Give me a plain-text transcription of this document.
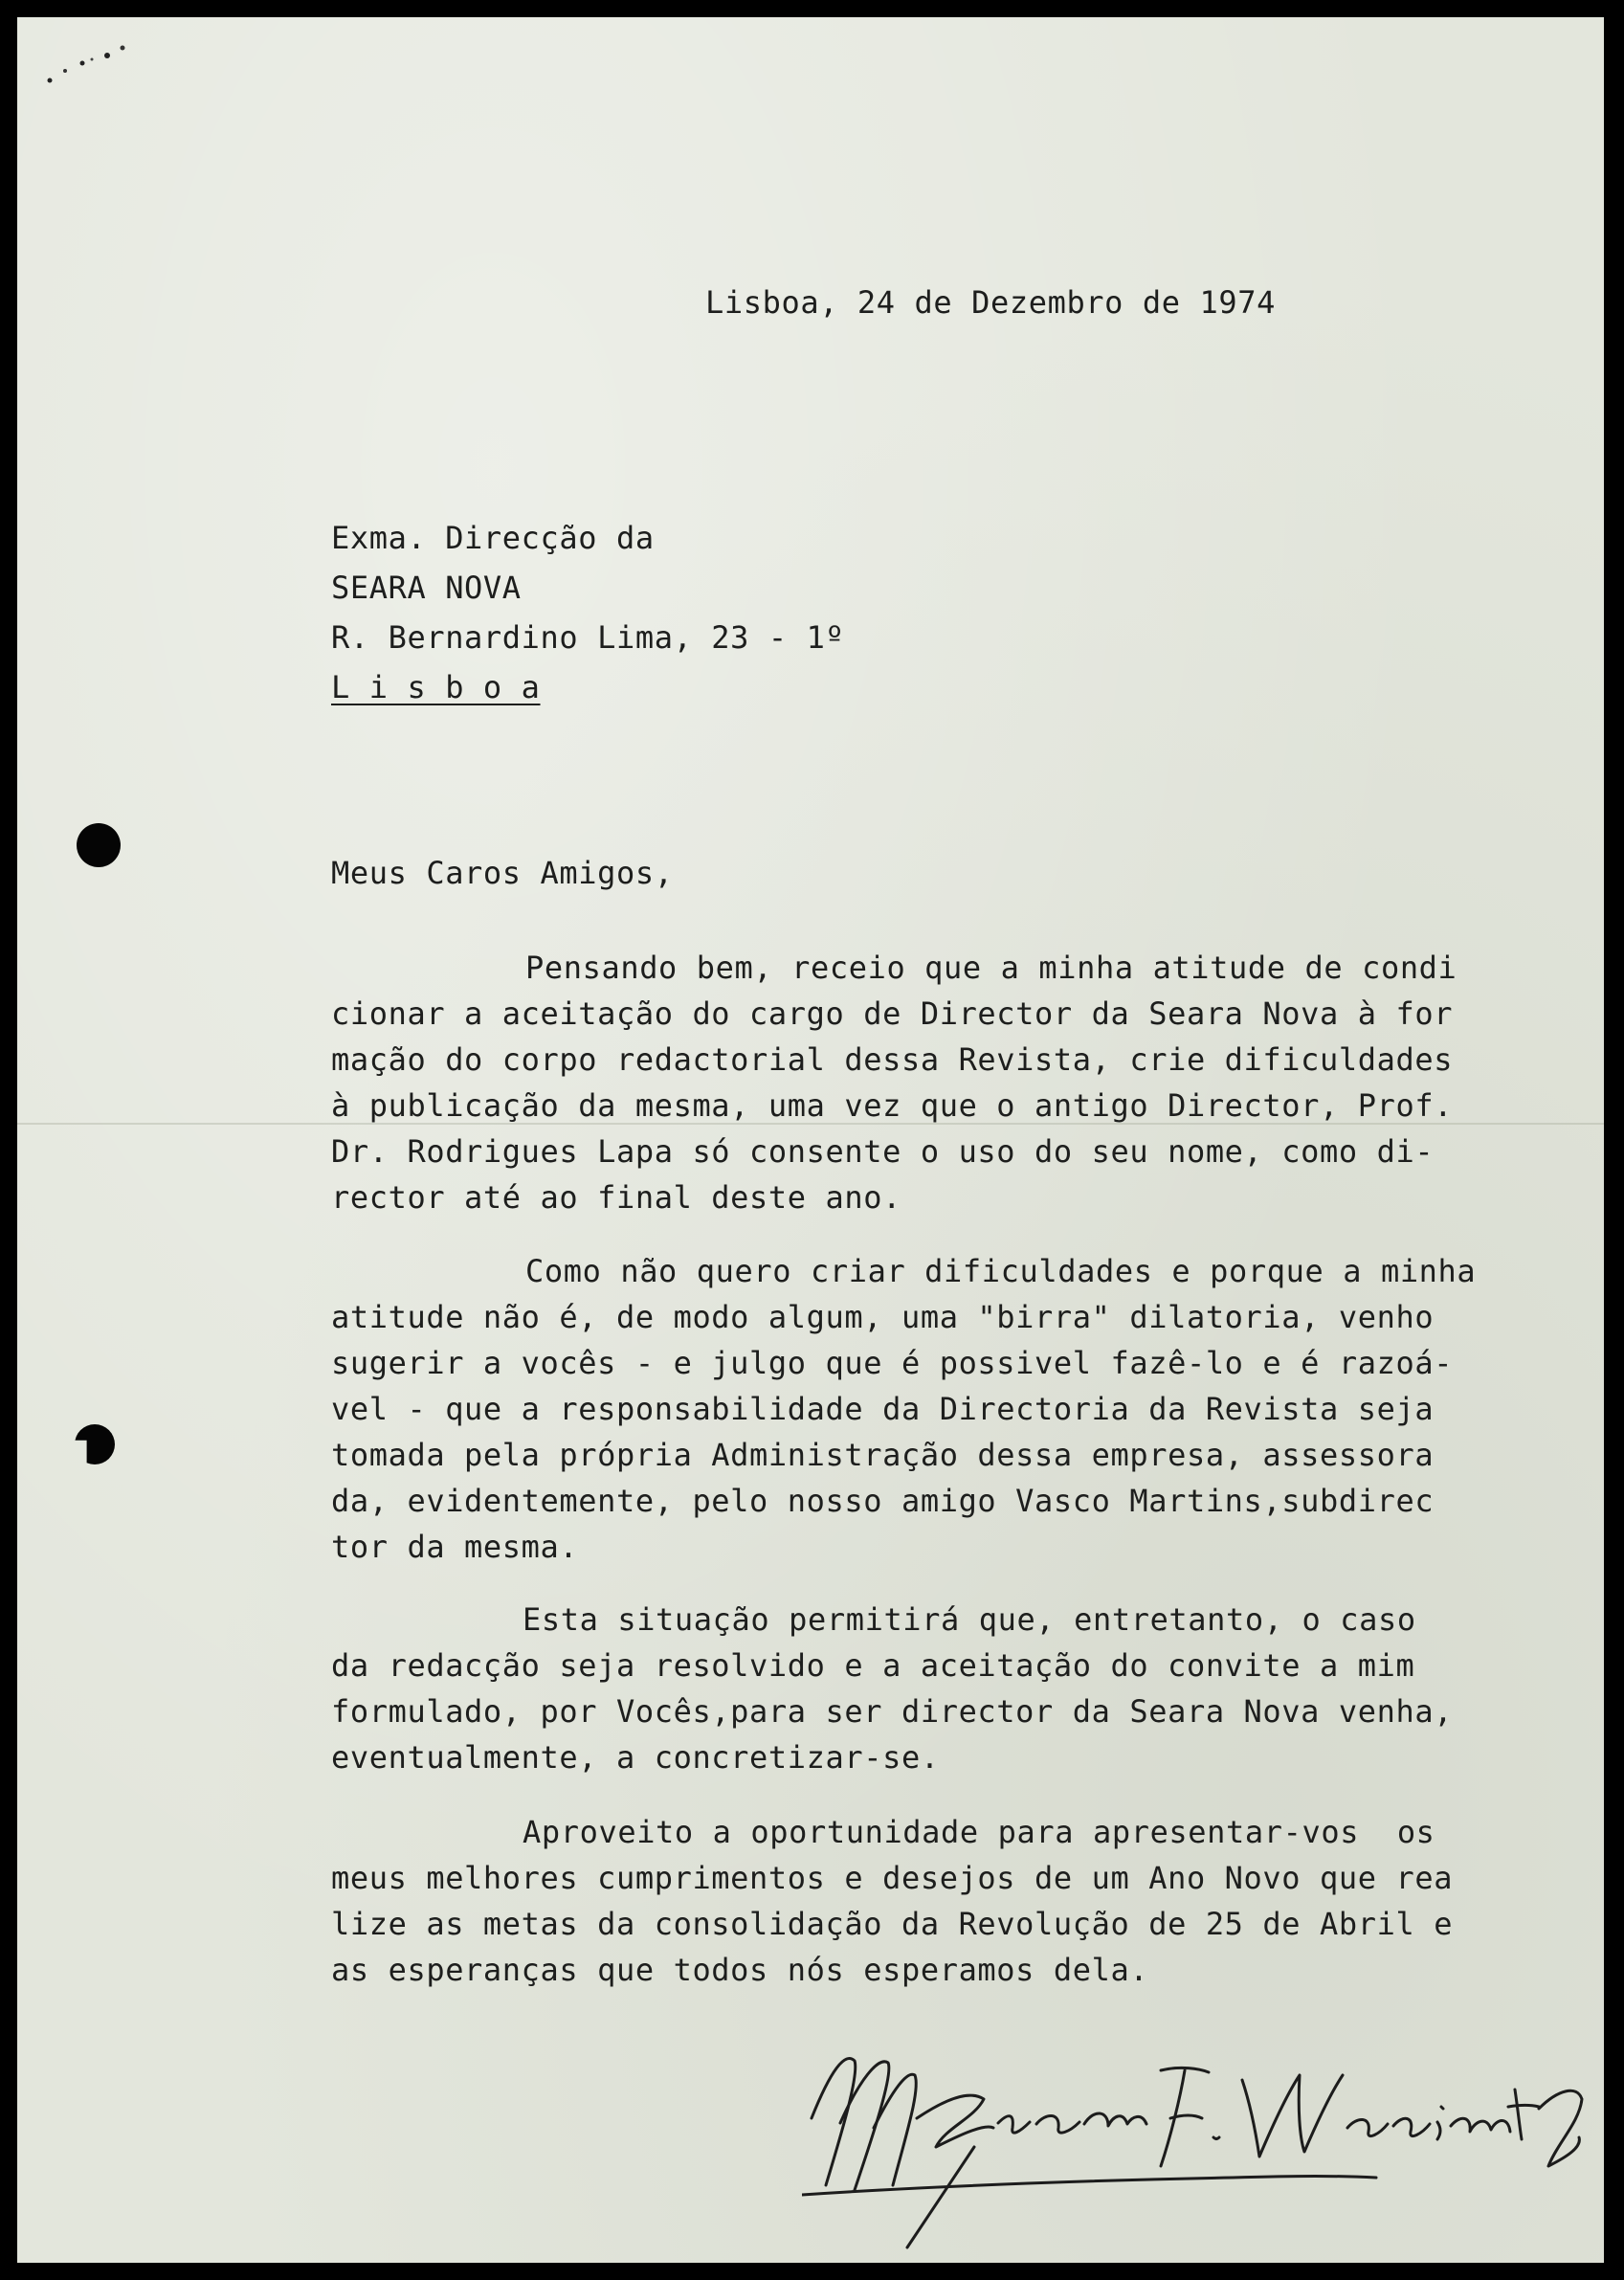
Lisboa, 24 de Dezembro de 1974
Exma. Direcção da
SEARA NOVA
R. Bernardino Lima, 23 - 1º
L i s b o a
Meus Caros Amigos,
Pensando bem, receio que a minha atitude de condi
cionar a aceitação do cargo de Director da Seara Nova à for
mação do corpo redactorial dessa Revista, crie dificuldades
à publicação da mesma, uma vez que o antigo Director, Prof.
Dr. Rodrigues Lapa só consente o uso do seu nome, como di-
rector até ao final deste ano.
Como não quero criar dificuldades e porque a minha
atitude não é, de modo algum, uma "birra" dilatoria, venho
sugerir a vocês - e julgo que é possivel fazê-lo e é razoá-
vel - que a responsabilidade da Directoria da Revista seja
tomada pela própria Administração dessa empresa, assessora
da, evidentemente, pelo nosso amigo Vasco Martins,subdirec
tor da mesma.
Esta situação permitirá que, entretanto, o caso
da redacção seja resolvido e a aceitação do convite a mim
formulado, por Vocês,para ser director da Seara Nova venha,
eventualmente, a concretizar-se.
Aproveito a oportunidade para apresentar-vos  os
meus melhores cumprimentos e desejos de um Ano Novo que rea
lize as metas da consolidação da Revolução de 25 de Abril e
as esperanças que todos nós esperamos dela.
